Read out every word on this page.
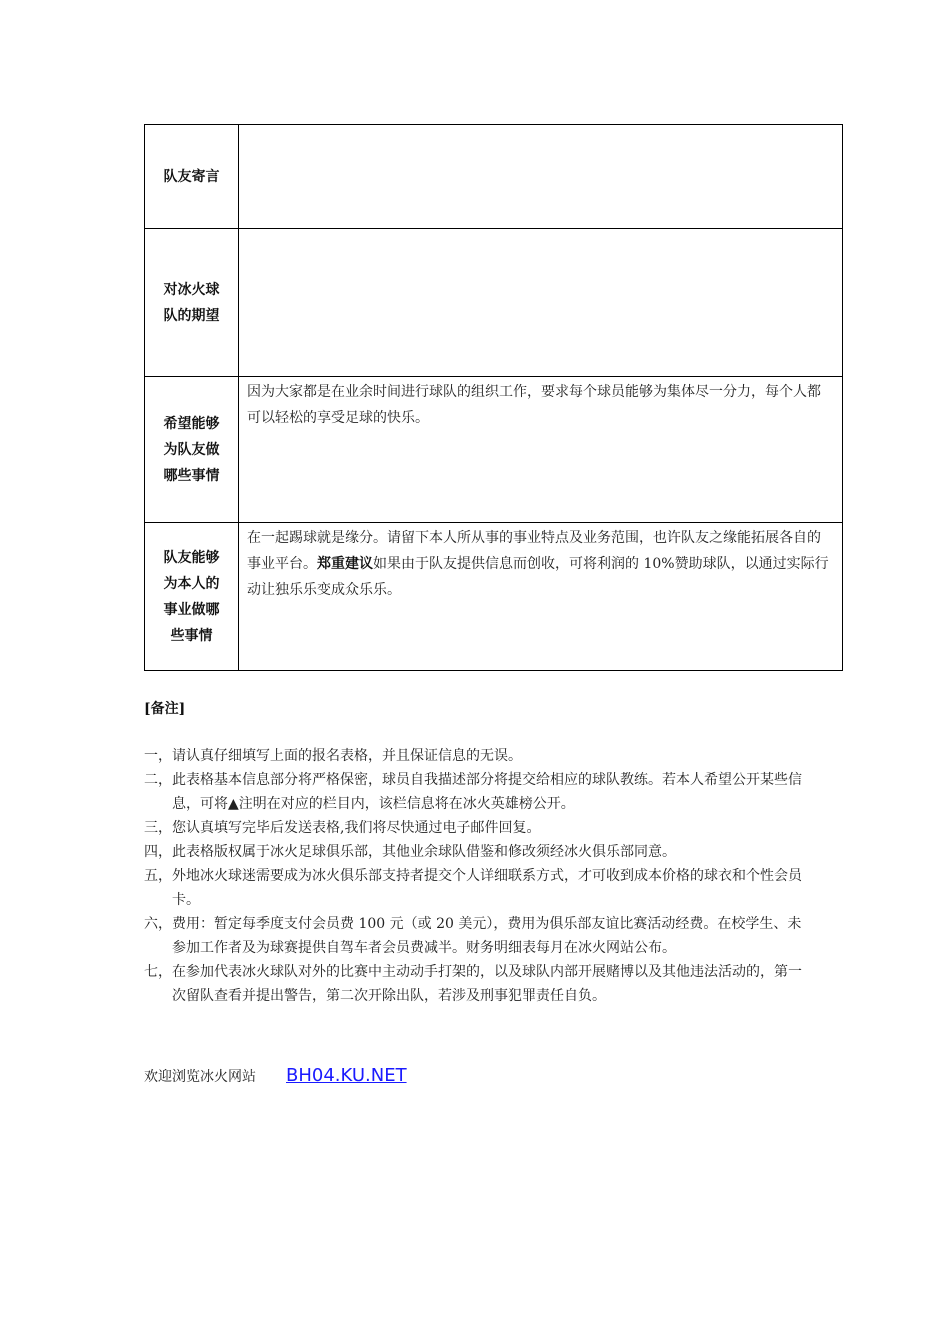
队友寄言	

对冰火球
队的期望	

希望能够
为队友做
哪些事情	因为大家都是在业余时间进行球队的组织工作，要求每个球员能够为集体尽一分力，每个人都可以轻松的享受足球的快乐。

队友能够
为本人的
事业做哪
些事情	在一起踢球就是缘分。请留下本人所从事的事业特点及业务范围，也许队友之缘能拓展各自的事业平台。郑重建议如果由于队友提供信息而创收，可将利润的 10%赞助球队，以通过实际行动让独乐乐变成众乐乐。
[备注]
一，请认真仔细填写上面的报名表格，并且保证信息的无误。
二，此表格基本信息部分将严格保密，球员自我描述部分将提交给相应的球队教练。若本人希望公开某些信息，可将▲注明在对应的栏目内，该栏信息将在冰火英雄榜公开。
三，您认真填写完毕后发送表格,我们将尽快通过电子邮件回复。
四，此表格版权属于冰火足球俱乐部，其他业余球队借鉴和修改须经冰火俱乐部同意。
五，外地冰火球迷需要成为冰火俱乐部支持者提交个人详细联系方式，才可收到成本价格的球衣和个性会员卡。
六，费用：暂定每季度支付会员费 100 元（或 20 美元），费用为俱乐部友谊比赛活动经费。在校学生、未参加工作者及为球赛提供自驾车者会员费减半。财务明细表每月在冰火网站公布。
七，在参加代表冰火球队对外的比赛中主动动手打架的，以及球队内部开展赌博以及其他违法活动的，第一次留队查看并提出警告，第二次开除出队，若涉及刑事犯罪责任自负。
欢迎浏览冰火网站 BH04.KU.NET
